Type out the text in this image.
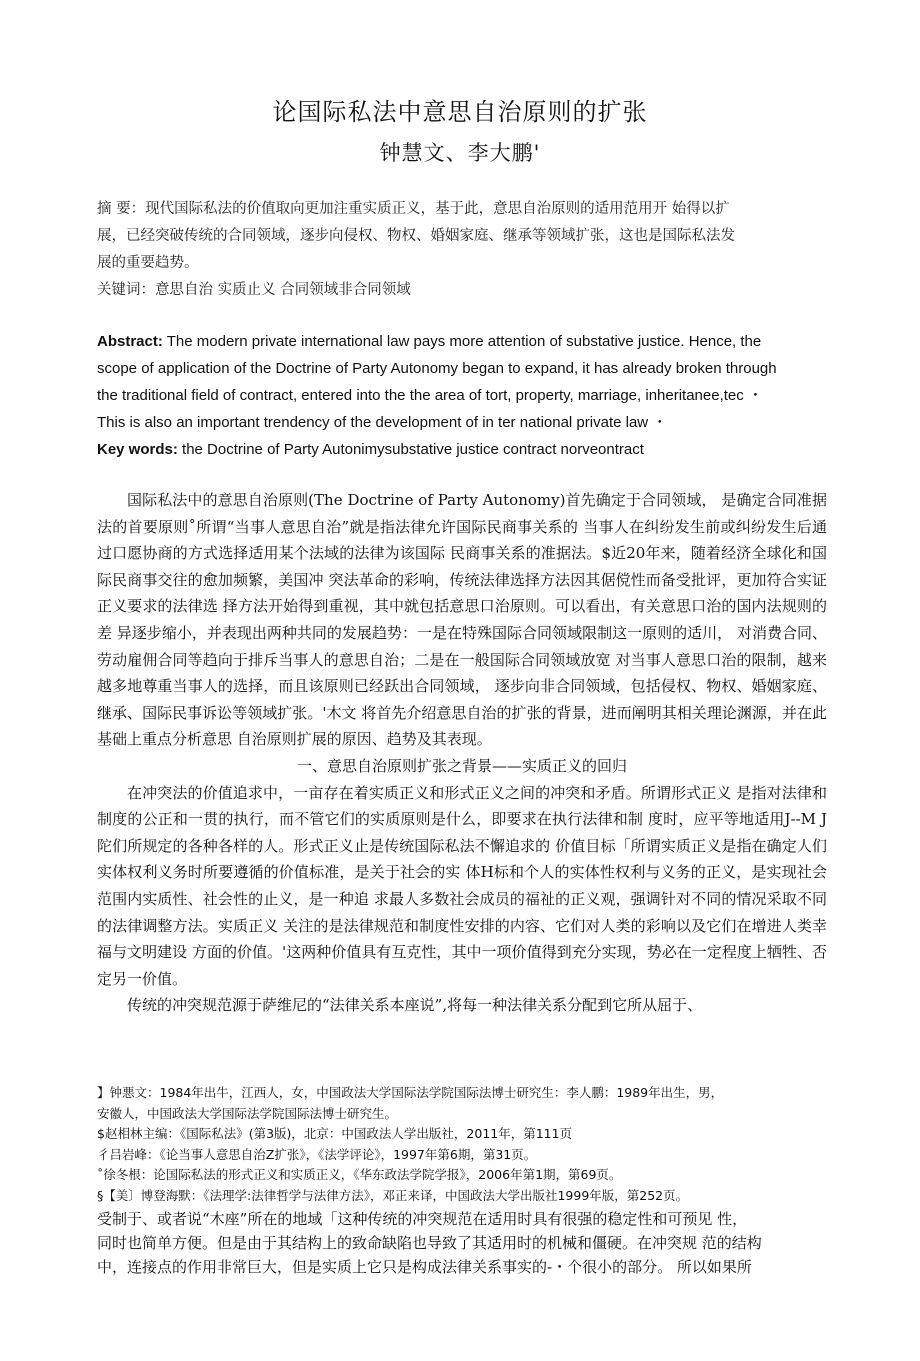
论国际私法中意思自治原则的扩张
钟慧文、李大鹏'

摘 要：现代国际私法的价值取向更加注重实质正义，基于此，意思自治原则的适用范用开 始得以扩

展，已经突破传统的合同领域，逐步向侵权、物权、婚姻家庭、继承等领域扩张，这也是国际私法发

展的重要趋势。

关键词：意思自治 实质止义 合同领域非合同领域

Abstract: The modern private international law pays more attention of substative justice. Hence, the

scope of application of the Doctrine of Party Autonomy began to expand, it has already broken through

the traditional field of contract, entered into the the area of tort, property, marriage, inheritanee,tec ・

This is also an important trendency of the development of in ter national private law ・

Key words: the Doctrine of Party Autonimysubstative justice contract norveontract

国际私法中的意思自治原则(The Doctrine of Party Autonomy)首先确定于合同领域， 是确定合同准据法的首要原则˚所谓“当事人意思自治”就是指法律允许国际民商事关系的 当事人在纠纷发生前或纠纷发生后通过口愿协商的方式选择适用某个法域的法律为该国际 民商事关系的准据法。$近20年来，随着经济全球化和国际民商事交往的愈加频繁，美国冲 突法革命的彩响，传统法律选择方法因其倨傥性而备受批评，更加符合实证正义要求的法律选 择方法开始得到重视，其中就包括意思口治原则。可以看出，有关意思口治的国内法规则的差 异逐步缩小，并表现出两种共同的发展趋势：一是在特殊国际合同领域限制这一原则的适川， 对消费合同、劳动雇佣合同等趋向于排斥当事人的意思自治；二是在一般国际合同领域放宽 对当事人意思口治的限制，越来越多地尊重当事人的选择，而且该原则已经跃出合同领域， 逐步向非合同领域，包括侵权、物权、婚姻家庭、继承、国际民事诉讼等领域扩张。'木文 将首先介绍意思自治的扩张的背景，进而阐明其相关理论渊源，并在此基础上重点分析意思 自治原则扩展的原因、趋势及其表现。

一、意思自治原则扩张之背景——实质正义的回归

在冲突法的价值追求中，一亩存在着实质正义和形式正义之间的冲突和矛盾。所谓形式正义 是指对法律和制度的公正和一贯的执行，而不管它们的实质原则是什么，即要求在执行法律和制 度时，应平等地适用J--M J陀们所规定的各种各样的人。形式正义止是传统国际私法不懈追求的 价值目标「所谓实质正义是指在确定人们实体权利义务时所要遵循的价值标准，是关于社会的实 体H标和个人的实体性权利与义务的正义，是实现社会范围内实质性、社会性的止义，是一种追 求最人多数社会成员的福祉的正义观，强调针对不同的情况采取不同的法律调整方法。实质正义 关注的是法律规范和制度性安排的内容、它们对人类的彩响以及它们在增进人类幸福与文明建设 方面的价值。'这两种价值具有互克性，其中一项价值得到充分实现，势必在一定程度上牺牲、否 定另一价值。

传统的冲突规范源于萨维尼的“法律关系本座说”,将每一种法律关系分配到它所从屈于、

】钟悪文：1984年出牛，江西人，女，中国政法大学国际法学院国际法博士研究生：李人鹏：1989年出生，男，

安徽人，中国政法大学国际法学院国际法博士研究生。

$赵相林主编：《国际私法》(第3版)，北京：中国政法人学出版社，2011年，第111页

彳吕岩峰：《论当事人意思自治Z扩张》，《法学评论》，1997年第6期，第31页。

˚徐冬根：论国际私法的形式正义和实质正义，《华东政法学院学报》，2006年第1期，第69页。

§【美〕博登海默：《法理学:法律哲学与法律方法》，邓正来译，中国政法大学出版社1999年版，第252页。

受制于、或者说“木座”所在的地域「这种传统的冲突规范在适用时具有很强的稳定性和可预见 性，

同时也简单方便。但是由于其结构上的致命缺陷也导致了其适用时的机械和僵硬。在冲突规 范的结构

中，连接点的作用非常巨大，但是实质上它只是构成法律关系事实的-・个很小的部分。 所以如果所
